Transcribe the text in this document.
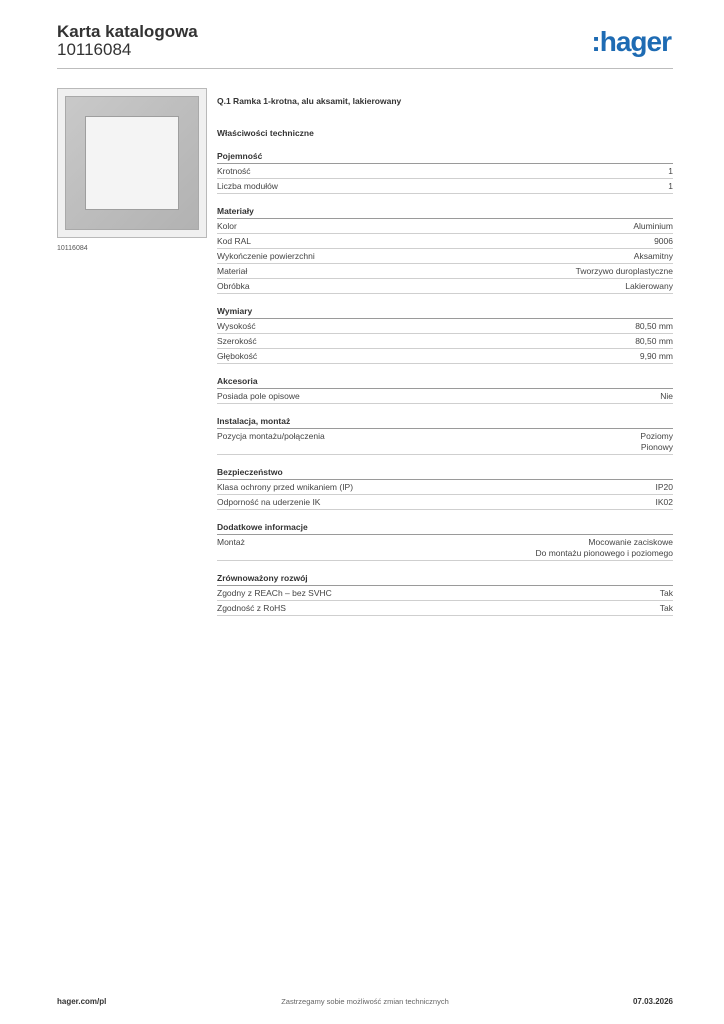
Karta katalogowa
10116084	:hager
10116084
Q.1 Ramka 1-krotna, alu aksamit, lakierowany
Właściwości techniczne
Pojemność
Krotność	1
Liczba modułów	1
Materiały
Kolor	Aluminium
Kod RAL	9006
Wykończenie powierzchni	Aksamitny
Materiał	Tworzywo duroplastyczne
Obróbka	Lakierowany
Wymiary
Wysokość	80,50 mm
Szerokość	80,50 mm
Głębokość	9,90 mm
Akcesoria
Posiada pole opisowe	Nie
Instalacja, montaż
Pozycja montażu/połączenia	Poziomy
Pionowy
Bezpieczeństwo
Klasa ochrony przed wnikaniem (IP)	IP20
Odporność na uderzenie IK	IK02
Dodatkowe informacje
Montaż	Mocowanie zaciskowe
Do montażu pionowego i poziomego
Zrównoważony rozwój
Zgodny z REACh – bez SVHC	Tak
Zgodność z RoHS	Tak
Zastrzegamy sobie możliwość zmian technicznych
hager.com/pl	07.03.2026
